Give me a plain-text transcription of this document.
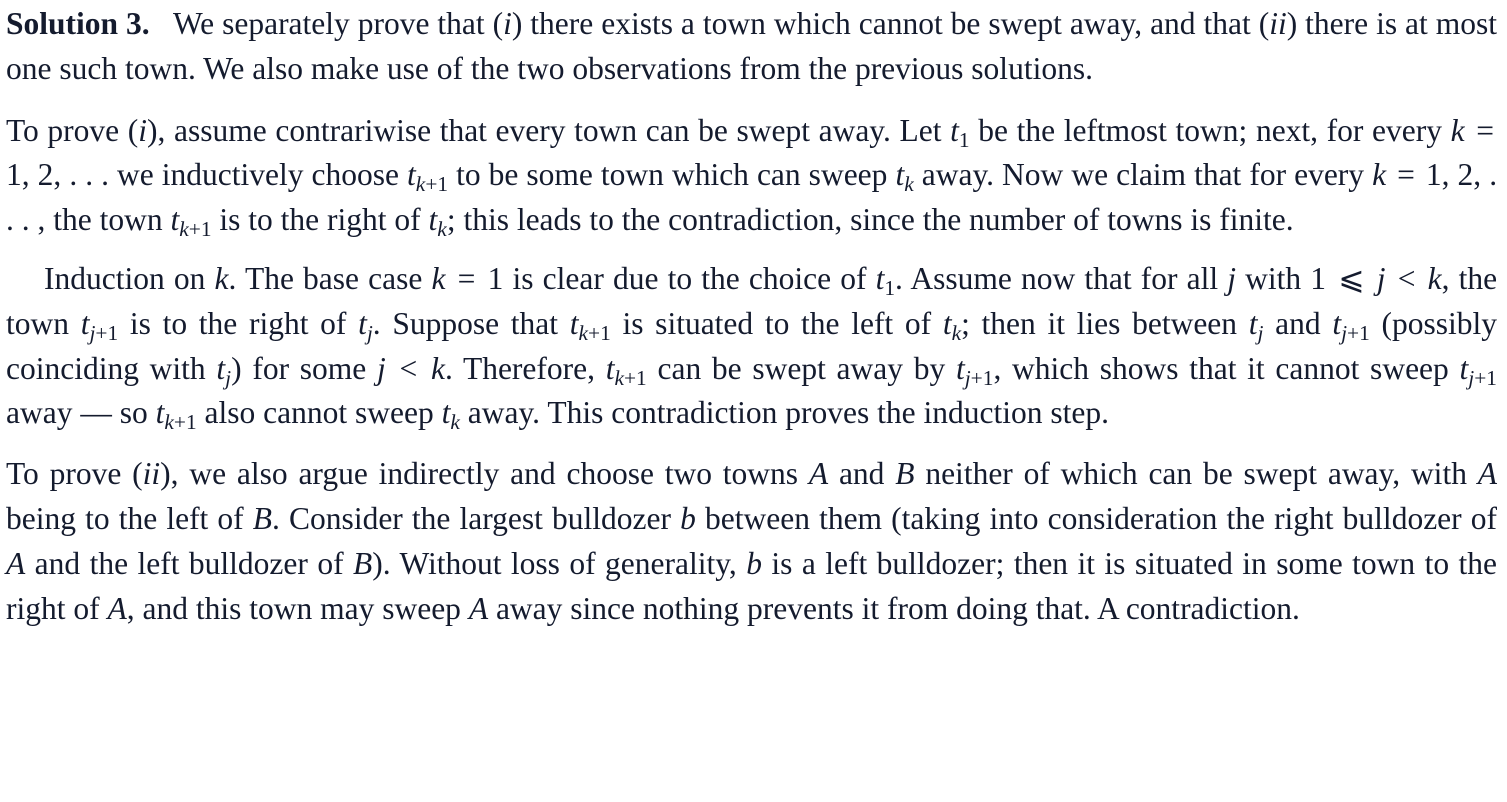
Solution 3.   We separately prove that (i) there exists a town which cannot be swept away, and that (ii) there is at most one such town. We also make use of the two observations from the previous solutions.

To prove (i), assume contrariwise that every town can be swept away. Let $t_1$ be the leftmost town; next, for every k = 1, 2, . . . we inductively choose $t_{k+1}$ to be some town which can sweep $t_k$ away. Now we claim that for every k = 1, 2, . . . , the town $t_{k+1}$ is to the right of $t_k$; this leads to the contradiction, since the number of towns is finite.

Induction on k. The base case k = 1 is clear due to the choice of $t_1$. Assume now that for all j with 1 ⩽ j < k, the town $t_{j+1}$ is to the right of $t_j$. Suppose that $t_{k+1}$ is situated to the left of $t_k$; then it lies between $t_j$ and $t_{j+1}$ (possibly coinciding with $t_j$) for some j < k. Therefore, $t_{k+1}$ can be swept away by $t_{j+1}$, which shows that it cannot sweep $t_{j+1}$ away — so $t_{k+1}$ also cannot sweep $t_k$ away. This contradiction proves the induction step.

To prove (ii), we also argue indirectly and choose two towns A and B neither of which can be swept away, with A being to the left of B. Consider the largest bulldozer b between them (taking into consideration the right bulldozer of A and the left bulldozer of B). Without loss of generality, b is a left bulldozer; then it is situated in some town to the right of A, and this town may sweep A away since nothing prevents it from doing that. A contradiction.
